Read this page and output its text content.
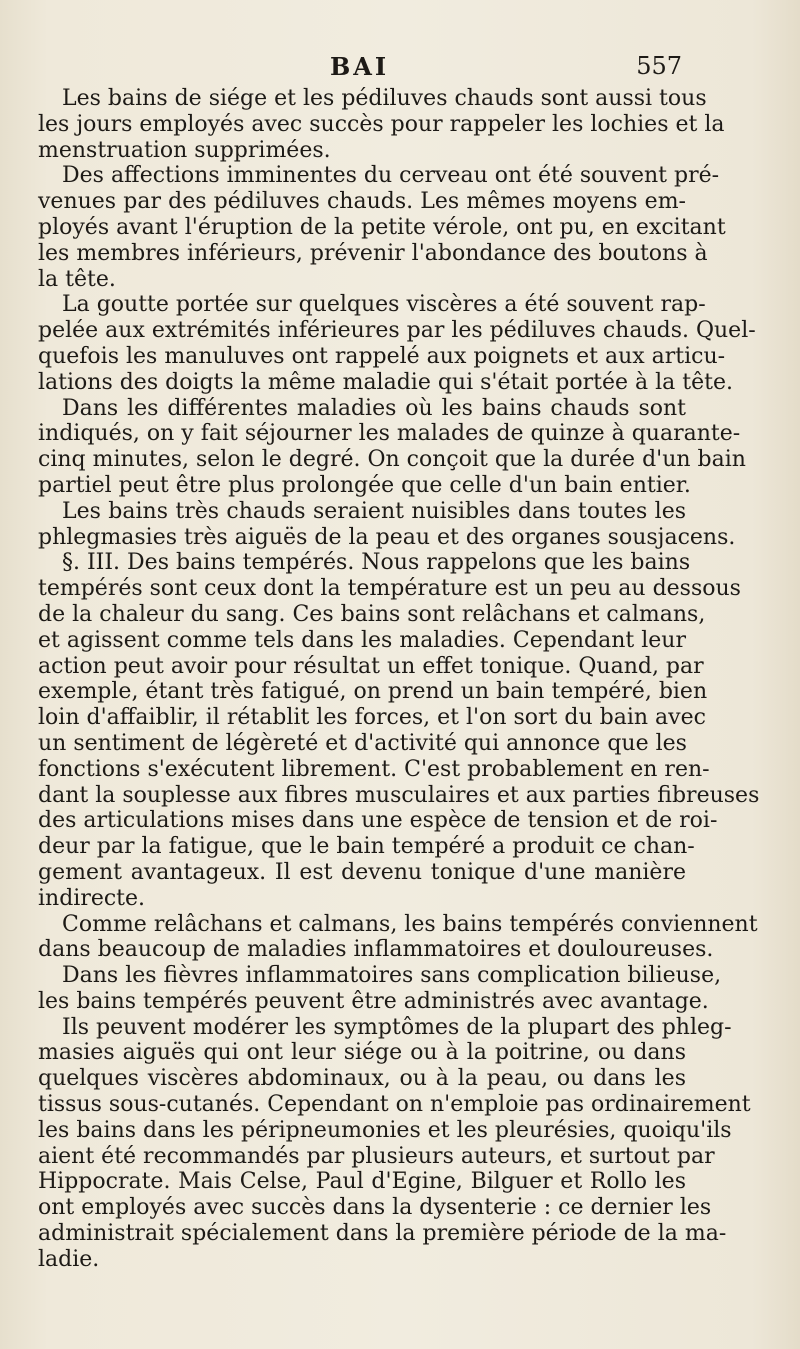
BAI	557
Les bains de siége et les pédiluves chauds sont aussi tous
les jours employés avec succès pour rappeler les lochies et la
menstruation supprimées.
Des affections imminentes du cerveau ont été souvent pré-
venues par des pédiluves chauds. Les mêmes moyens em-
ployés avant l'éruption de la petite vérole, ont pu, en excitant
les membres inférieurs, prévenir l'abondance des boutons à
la tête.
La goutte portée sur quelques viscères a été souvent rap-
pelée aux extrémités inférieures par les pédiluves chauds. Quel-
quefois les manuluves ont rappelé aux poignets et aux articu-
lations des doigts la même maladie qui s'était portée à la tête.
Dans les différentes maladies où les bains chauds sont
indiqués, on y fait séjourner les malades de quinze à quarante-
cinq minutes, selon le degré. On conçoit que la durée d'un bain
partiel peut être plus prolongée que celle d'un bain entier.
Les bains très chauds seraient nuisibles dans toutes les
phlegmasies très aiguës de la peau et des organes sousjacens.
§. III. Des bains tempérés. Nous rappelons que les bains
tempérés sont ceux dont la température est un peu au dessous
de la chaleur du sang. Ces bains sont relâchans et calmans,
et agissent comme tels dans les maladies. Cependant leur
action peut avoir pour résultat un effet tonique. Quand, par
exemple, étant très fatigué, on prend un bain tempéré, bien
loin d'affaiblir, il rétablit les forces, et l'on sort du bain avec
un sentiment de légèreté et d'activité qui annonce que les
fonctions s'exécutent librement. C'est probablement en ren-
dant la souplesse aux fibres musculaires et aux parties fibreuses
des articulations mises dans une espèce de tension et de roi-
deur par la fatigue, que le bain tempéré a produit ce chan-
gement avantageux. Il est devenu tonique d'une manière
indirecte.
Comme relâchans et calmans, les bains tempérés conviennent
dans beaucoup de maladies inflammatoires et douloureuses.
Dans les fièvres inflammatoires sans complication bilieuse,
les bains tempérés peuvent être administrés avec avantage.
Ils peuvent modérer les symptômes de la plupart des phleg-
masies aiguës qui ont leur siége ou à la poitrine, ou dans
quelques viscères abdominaux, ou à la peau, ou dans les
tissus sous-cutanés. Cependant on n'emploie pas ordinairement
les bains dans les péripneumonies et les pleurésies, quoiqu'ils
aient été recommandés par plusieurs auteurs, et surtout par
Hippocrate. Mais Celse, Paul d'Egine, Bilguer et Rollo les
ont employés avec succès dans la dysenterie : ce dernier les
administrait spécialement dans la première période de la ma-
ladie.
